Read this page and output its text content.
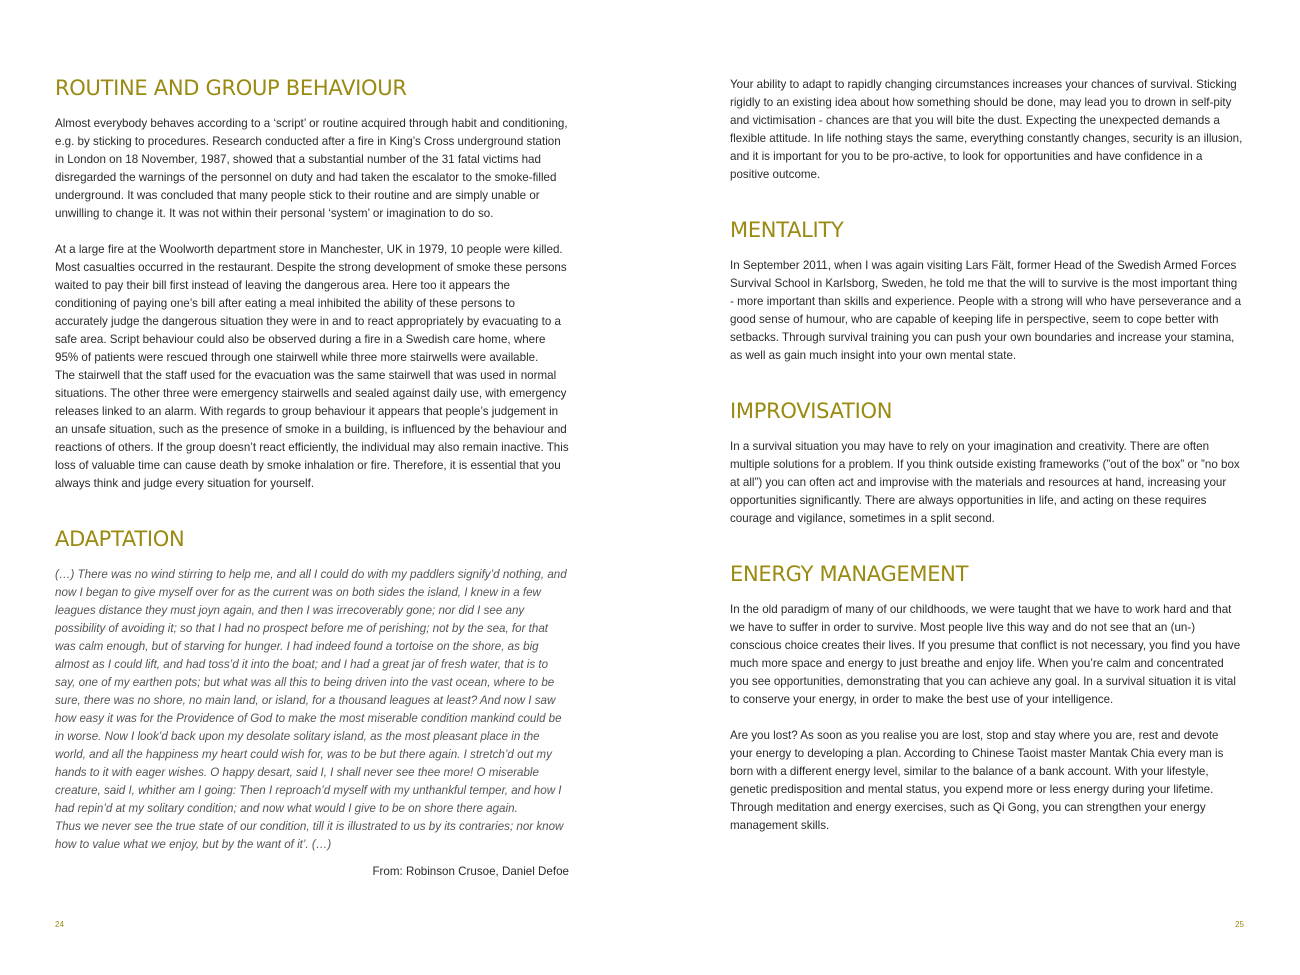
ROUTINE AND GROUP BEHAVIOUR

Almost everybody behaves according to a ‘script’ or routine acquired through habit and conditioning, e.g. by sticking to procedures. Research conducted after a fire in King’s Cross underground station in London on 18 November, 1987, showed that a substantial number of the 31 fatal victims had disregarded the warnings of the personnel on duty and had taken the escalator to the smoke-filled underground. It was concluded that many people stick to their routine and are simply unable or unwilling to change it. It was not within their personal ‘system’ or imagination to do so.

At a large fire at the Woolworth department store in Manchester, UK in 1979, 10 people were killed. Most casualties occurred in the restaurant. Despite the strong development of smoke these persons waited to pay their bill first instead of leaving the dangerous area. Here too it appears the conditioning of paying one’s bill after eating a meal inhibited the ability of these persons to accurately judge the dangerous situation they were in and to react appropriately by evacuating to a safe area. Script behaviour could also be observed during a fire in a Swedish care home, where 95% of patients were rescued through one stairwell while three more stairwells were available.

The stairwell that the staff used for the evacuation was the same stairwell that was used in normal situations. The other three were emergency stairwells and sealed against daily use, with emergency releases linked to an alarm. With regards to group behaviour it appears that people’s judgement in an unsafe situation, such as the presence of smoke in a building, is influenced by the behaviour and reactions of others. If the group doesn’t react efficiently, the individual may also remain inactive. This loss of valuable time can cause death by smoke inhalation or fire. Therefore, it is essential that you always think and judge every situation for yourself.

ADAPTATION

(…) There was no wind stirring to help me, and all I could do with my paddlers signify’d nothing, and now I began to give myself over for as the current was on both sides the island, I knew in a few leagues distance they must joyn again, and then I was irrecoverably gone; nor did I see any possibility of avoiding it; so that I had no prospect before me of perishing; not by the sea, for that was calm enough, but of starving for hunger. I had indeed found a tortoise on the shore, as big almost as I could lift, and had toss’d it into the boat; and I had a great jar of fresh water, that is to say, one of my earthen pots; but what was all this to being driven into the vast ocean, where to be sure, there was no shore, no main land, or island, for a thousand leagues at least? And now I saw how easy it was for the Providence of God to make the most miserable condition mankind could be in worse. Now I look’d back upon my desolate solitary island, as the most pleasant place in the world, and all the happiness my heart could wish for, was to be but there again. I stretch’d out my hands to it with eager wishes. O happy desart, said I, I shall never see thee more! O miserable creature, said I, whither am I going: Then I reproach’d myself with my unthankful temper, and how I had repin’d at my solitary condition; and now what would I give to be on shore there again.

Thus we never see the true state of our condition, till it is illustrated to us by its contraries; nor know how to value what we enjoy, but by the want of it’. (…)

From: Robinson Crusoe, Daniel Defoe
24

Your ability to adapt to rapidly changing circumstances increases your chances of survival. Sticking rigidly to an existing idea about how something should be done, may lead you to drown in self-pity and victimisation - chances are that you will bite the dust. Expecting the unexpected demands a flexible attitude. In life nothing stays the same, everything constantly changes, security is an illusion, and it is important for you to be pro-active, to look for opportunities and have confidence in a positive outcome.

MENTALITY

In September 2011, when I was again visiting Lars Fält, former Head of the Swedish Armed Forces Survival School in Karlsborg, Sweden, he told me that the will to survive is the most important thing - more important than skills and experience. People with a strong will who have perseverance and a good sense of humour, who are capable of keeping life in perspective, seem to cope better with setbacks. Through survival training you can push your own boundaries and increase your stamina, as well as gain much insight into your own mental state.

IMPROVISATION

In a survival situation you may have to rely on your imagination and creativity. There are often multiple solutions for a problem. If you think outside existing frameworks (”out of the box” or ”no box at all”) you can often act and improvise with the materials and resources at hand, increasing your opportunities significantly. There are always opportunities in life, and acting on these requires courage and vigilance, sometimes in a split second.

ENERGY MANAGEMENT

In the old paradigm of many of our childhoods, we were taught that we have to work hard and that we have to suffer in order to survive. Most people live this way and do not see that an (un-) conscious choice creates their lives. If you presume that conflict is not necessary, you find you have much more space and energy to just breathe and enjoy life. When you’re calm and concentrated you see opportunities, demonstrating that you can achieve any goal. In a survival situation it is vital to conserve your energy, in order to make the best use of your intelligence.

Are you lost? As soon as you realise you are lost, stop and stay where you are, rest and devote your energy to developing a plan. According to Chinese Taoist master Mantak Chia every man is born with a different energy level, similar to the balance of a bank account. With your lifestyle, genetic predisposition and mental status, you expend more or less energy during your lifetime. Through meditation and energy exercises, such as Qi Gong, you can strengthen your energy management skills.

25
